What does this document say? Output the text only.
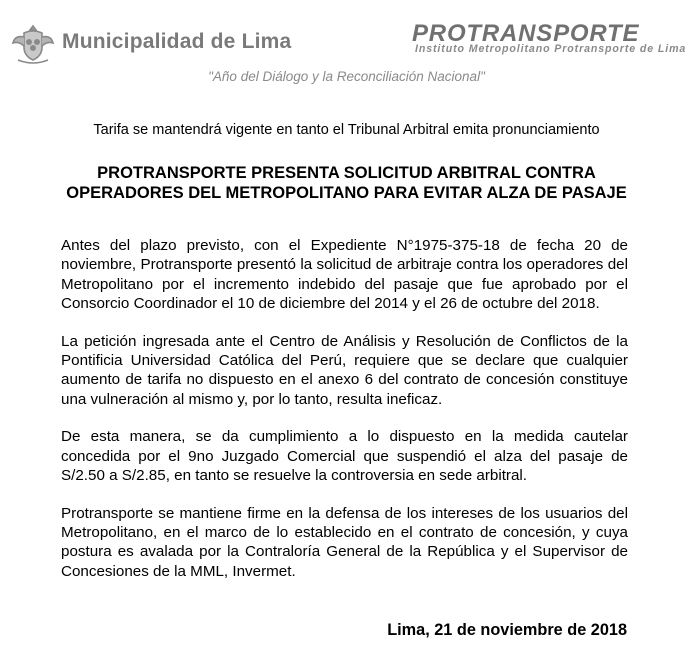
Municipalidad de Lima	PROTRANSPORTE
Instituto Metropolitano Protransporte de Lima
"Año del Diálogo y la Reconciliación Nacional"
Tarifa se mantendrá vigente en tanto el Tribunal Arbitral emita pronunciamiento
PROTRANSPORTE PRESENTA SOLICITUD ARBITRAL CONTRA OPERADORES DEL METROPOLITANO PARA EVITAR ALZA DE PASAJE

Antes del plazo previsto, con el Expediente N°1975-375-18 de fecha 20 de noviembre, Protransporte presentó la solicitud de arbitraje contra los operadores del Metropolitano por el incremento indebido del pasaje que fue aprobado por el Consorcio Coordinador el 10 de diciembre del 2014 y el 26 de octubre del 2018.

La petición ingresada ante el Centro de Análisis y Resolución de Conflictos de la Pontificia Universidad Católica del Perú, requiere que se declare que cualquier aumento de tarifa no dispuesto en el anexo 6 del contrato de concesión constituye una vulneración al mismo y, por lo tanto, resulta ineficaz.

De esta manera, se da cumplimiento a lo dispuesto en la medida cautelar concedida por el 9no Juzgado Comercial que suspendió el alza del pasaje de S/2.50 a S/2.85, en tanto se resuelve la controversia en sede arbitral.

Protransporte se mantiene firme en la defensa de los intereses de los usuarios del Metropolitano, en el marco de lo establecido en el contrato de concesión, y cuya postura es avalada por la Contraloría General de la República y el Supervisor de Concesiones de la MML, Invermet.

Lima, 21 de noviembre de 2018
